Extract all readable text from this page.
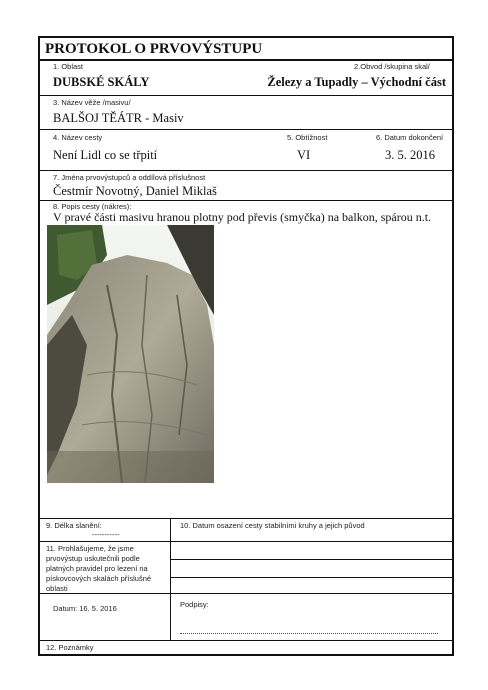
PROTOKOL O PRVOVÝSTUPU
1. Oblast
DUBSKÉ SKÁLY
2.Obvod /skupina skal/
Železy a Tupadly – Východní část
3. Název věže /masivu/
BALŠOJ TĚÁTR - Masiv
4. Název cesty
Není Lidl co se třpití
5. Obtížnost
VI
6. Datum dokončení
3. 5. 2016
7. Jména prvovýstupců a oddílová příslušnost
Čestmír Novotný, Daniel Miklaš
8. Popis cesty (nákres):
V pravé části masivu hranou plotny pod převis (smyčka) na balkon, spárou n.t.
9. Délka slanění:
-----------
10. Datum osazení cesty stabilními kruhy a jejich původ
11. Prohlašujeme, že jsme prvovýstup uskutečnili podle platných pravidel pro lezení na pískovcových skalách příslušné oblasti
Datum: 16. 5. 2016	Podpisy:
12. Poznámky
